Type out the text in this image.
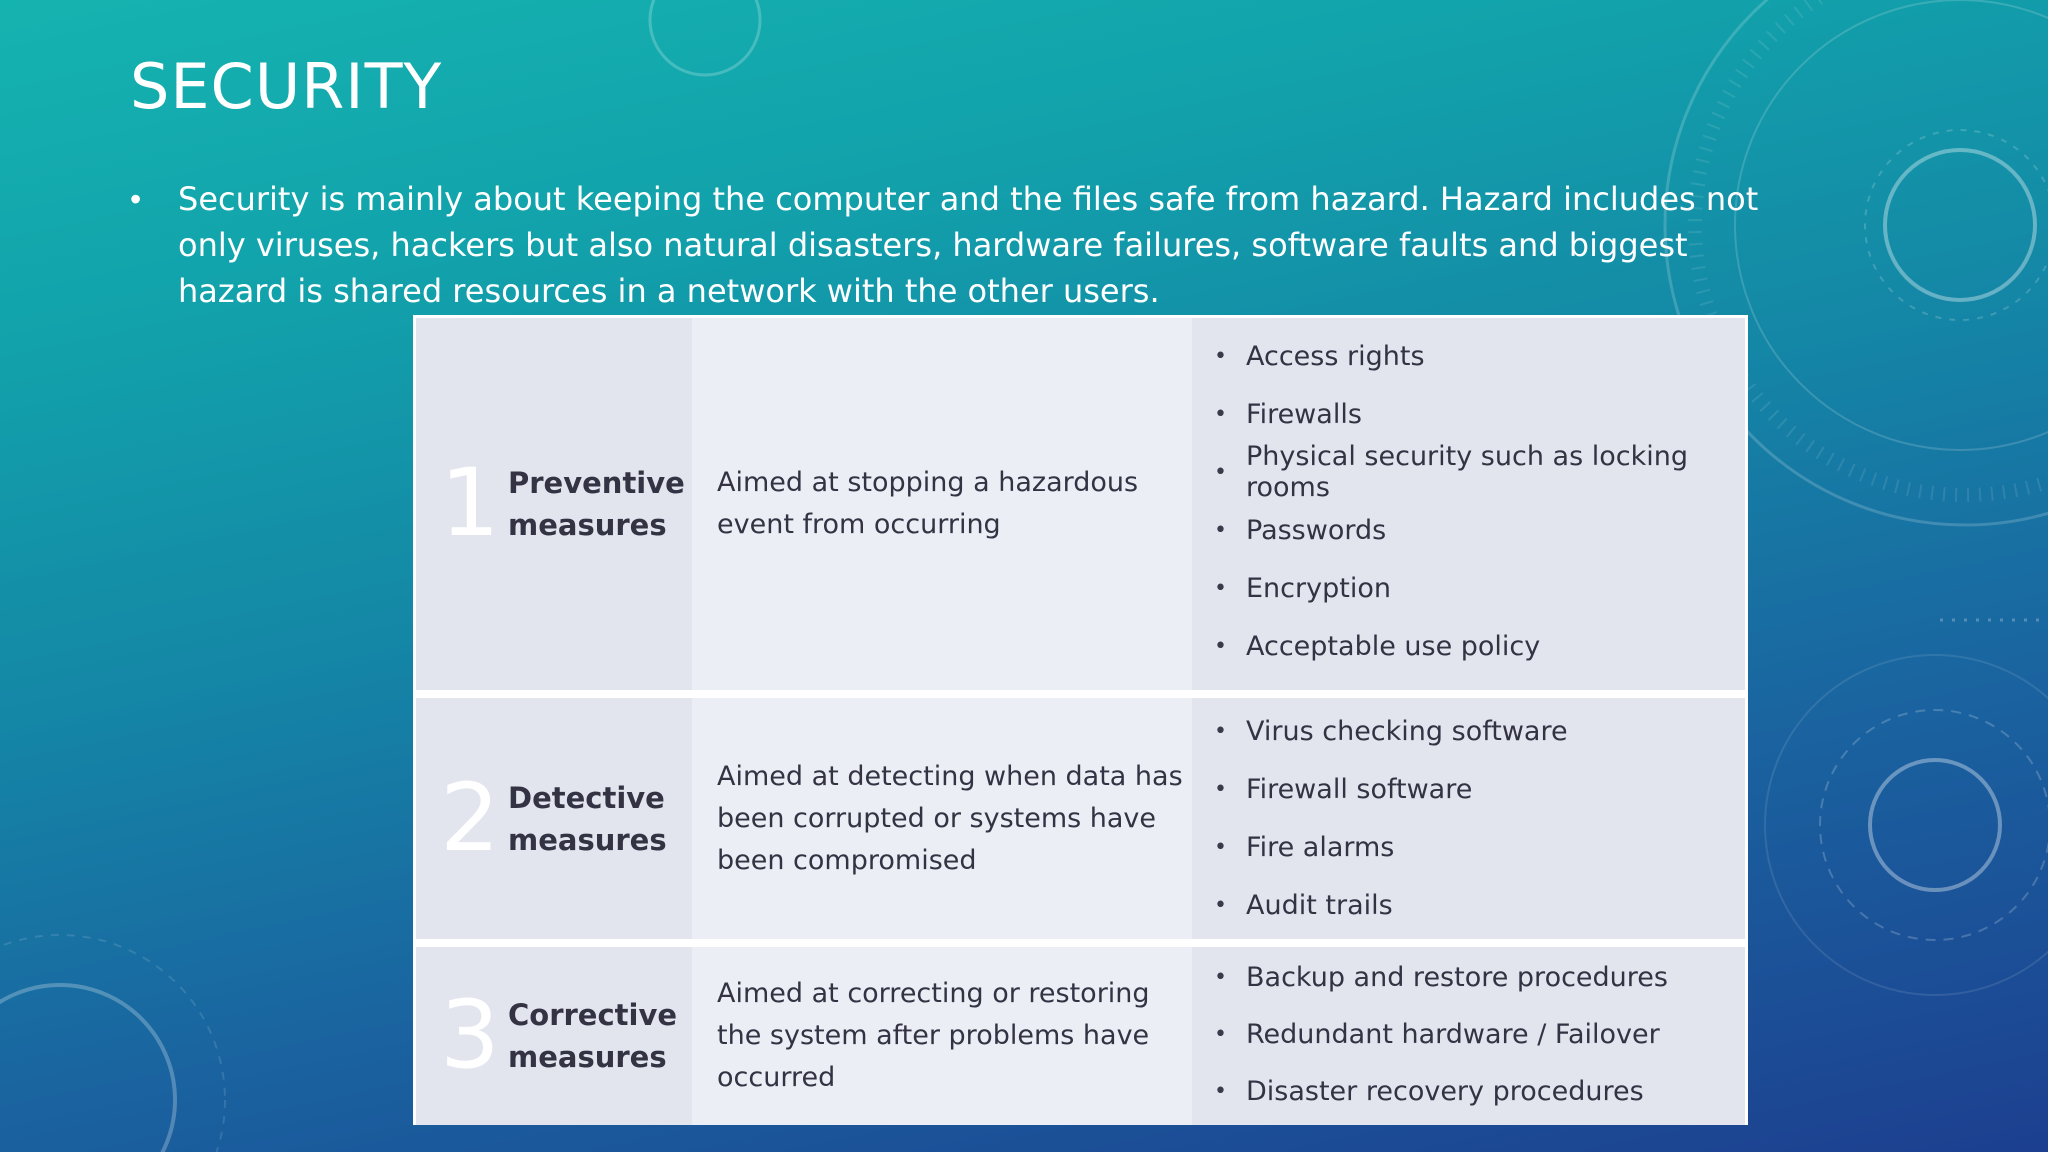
SECURITY
•	Security is mainly about keeping the computer and the files safe from hazard. Hazard includes not only viruses, hackers but also natural disasters, hardware failures, software faults and biggest hazard is shared resources in a network with the other users.
1 Preventive measures
Aimed at stopping a hazardous event from occurring
• Access rights
• Firewalls
• Physical security such as locking rooms
• Passwords
• Encryption
• Acceptable use policy
2 Detective measures
Aimed at detecting when data has been corrupted or systems have been compromised
• Virus checking software
• Firewall software
• Fire alarms
• Audit trails
3 Corrective measures
Aimed at correcting or restoring the system after problems have occurred
• Backup and restore procedures
• Redundant hardware / Failover
• Disaster recovery procedures
